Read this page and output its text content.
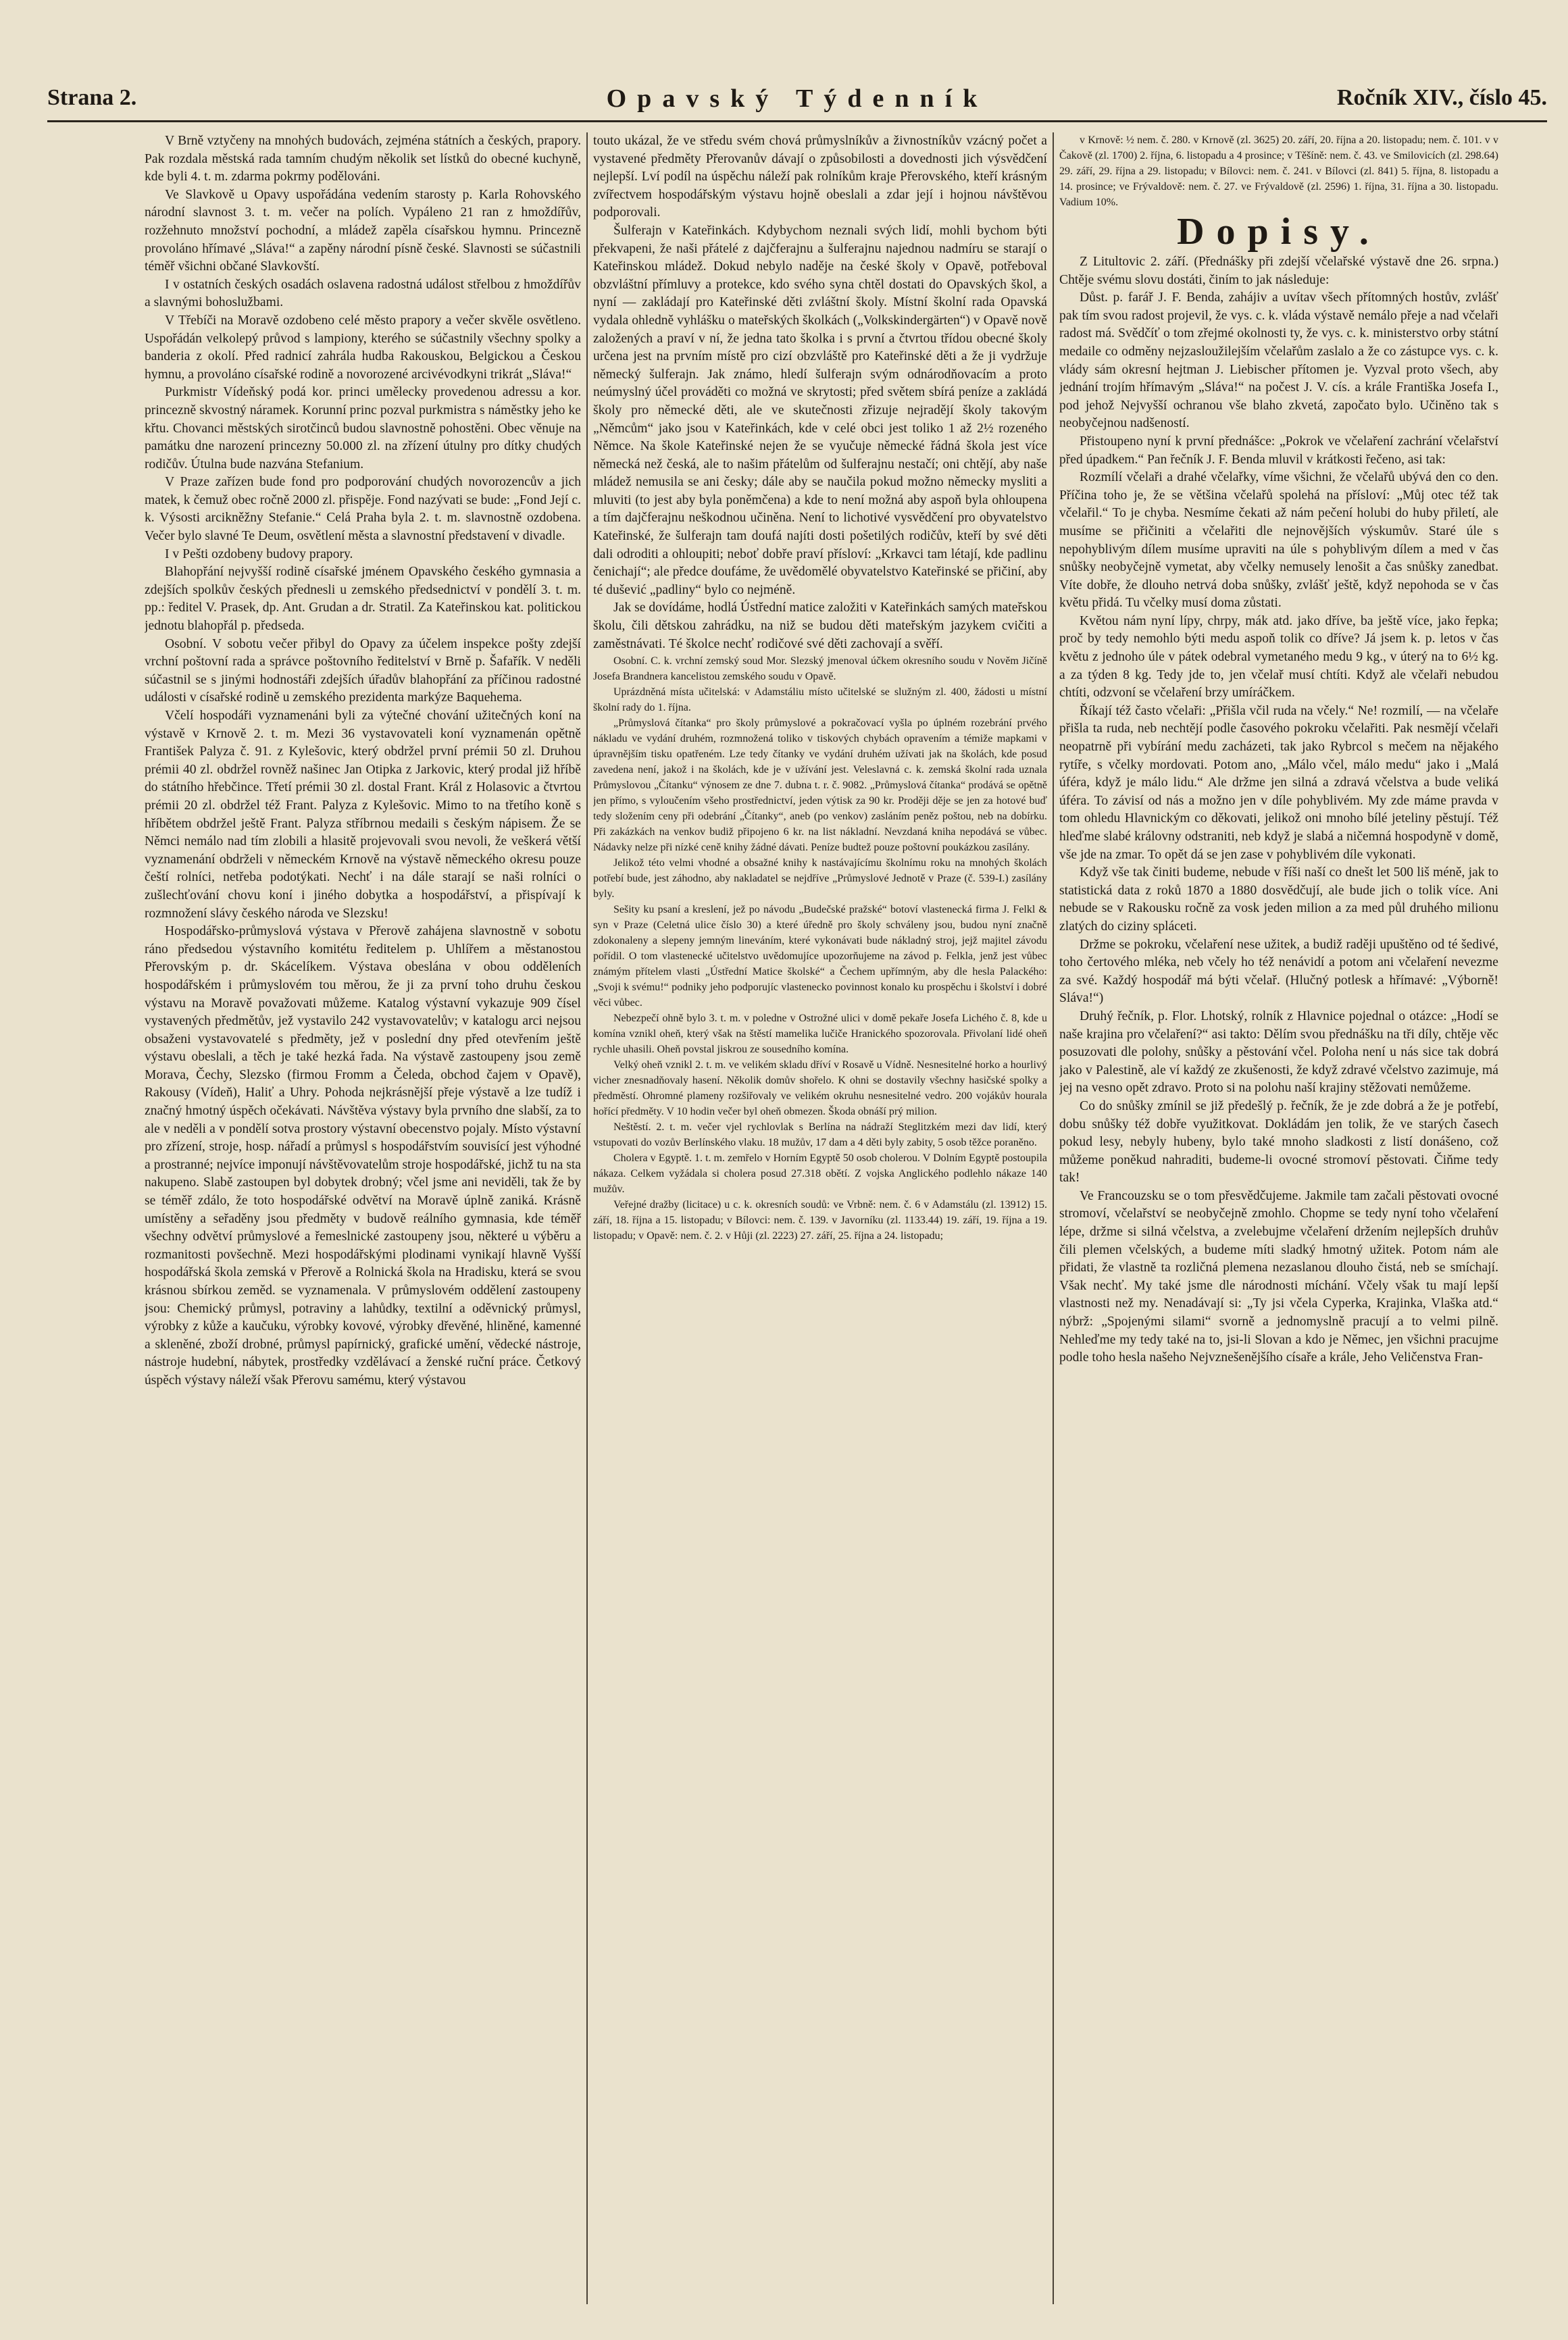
Strana 2.	Opavský Týdenník	Ročník XIV., číslo 45.

V Brně vztyčeny na mnohých budovách, zejména státních a českých, prapory. Pak rozdala městská rada tamním chudým několik set lístků do obecné kuchyně, kde byli 4. t. m. zdarma pokrmy podělováni.

Ve Slavkově u Opavy uspořádána vedením starosty p. Karla Rohovského národní slavnost 3. t. m. večer na polích. Vypáleno 21 ran z hmoždířův, rozžehnuto množství pochodní, a mládež zapěla císařskou hymnu. Princezně provoláno hřímavé „Sláva!“ a zapěny národní písně české. Slavnosti se súčastnili téměř všichni občané Slavkovští.

I v ostatních českých osadách oslavena radostná událost střelbou z hmoždířův a slavnými bohoslužbami.

V Třebíči na Moravě ozdobeno celé město prapory a večer skvěle osvětleno. Uspořádán velkolepý průvod s lampiony, kterého se súčastnily všechny spolky a banderia z okolí. Před radnicí zahrála hudba Rakouskou, Belgickou a Českou hymnu, a provoláno císařské rodině a novorozené arcivévodkyni trikrát „Sláva!“

Purkmistr Vídeňský podá kor. princi umělecky provedenou adressu a kor. princezně skvostný náramek. Korunní princ pozval purkmistra s náměstky jeho ke křtu. Chovanci městských sirotčinců budou slavnostně pohostěni. Obec věnuje na památku dne narození princezny 50.000 zl. na zřízení útulny pro dítky chudých rodičův. Útulna bude nazvána Stefanium.

V Praze zařízen bude fond pro podporování chudých novorozencův a jich matek, k čemuž obec ročně 2000 zl. přispěje. Fond nazývati se bude: „Fond Její c. k. Výsosti arcikněžny Stefanie.“ Celá Praha byla 2. t. m. slavnostně ozdobena. Večer bylo slavné Te Deum, osvětlení města a slavnostní představení v divadle.

I v Pešti ozdobeny budovy prapory.

Blahopřání nejvyšší rodině císařské jménem Opavského českého gymnasia a zdejších spolkův českých přednesli u zemského předsednictví v pondělí 3. t. m. pp.: ředitel V. Prasek, dp. Ant. Grudan a dr. Stratil. Za Kateřinskou kat. politickou jednotu blahopřál p. předseda.

Osobní. V sobotu večer přibyl do Opavy za účelem inspekce pošty zdejší vrchní poštovní rada a správce poštovního ředitelství v Brně p. Šafařík. V neděli súčastnil se s jinými hodnostáři zdejších úřadův blahopřání za příčinou radostné události v císařské rodině u zemského prezidenta markýze Baquehema.

Včelí hospodáři vyznamenáni byli za výtečné chování užitečných koní na výstavě v Krnově 2. t. m. Mezi 36 vystavovateli koní vyznamenán opětně František Palyza č. 91. z Kylešovic, který obdržel první prémii 50 zl. Druhou prémii 40 zl. obdržel rovněž našinec Jan Otipka z Jarkovic, který prodal již hříbě do státního hřebčince. Třetí prémii 30 zl. dostal Frant. Král z Holasovic a čtvrtou prémii 20 zl. obdržel též Frant. Palyza z Kylešovic. Mimo to na třetího koně s hříbětem obdržel ještě Frant. Palyza stříbrnou medaili s českým nápisem. Že se Němci nemálo nad tím zlobili a hlasitě projevovali svou nevoli, že veškerá větší vyznamenání obdrželi v německém Krnově na výstavě německého okresu pouze čeští rolníci, netřeba podotýkati. Nechť i na dále starají se naši rolníci o zušlechťování chovu koní i jiného dobytka a hospodářství, a přispívají k rozmnožení slávy českého národa ve Slezsku!

Hospodářsko-průmyslová výstava v Přerově zahájena slavnostně v sobotu ráno předsedou výstavního komitétu ředitelem p. Uhlířem a městanostou Přerovským p. dr. Skácelíkem. Výstava obeslána v obou odděleních hospodářském i průmyslovém tou měrou, že ji za první toho druhu českou výstavu na Moravě považovati můžeme. Katalog výstavní vykazuje 909 čísel vystavených předmětův, jež vystavilo 242 vystavovatelův; v katalogu arci nejsou obsaženi vystavovatelé s předměty, jež v poslední dny před otevřením ještě výstavu obeslali, a těch je také hezká řada. Na výstavě zastoupeny jsou země Morava, Čechy, Slezsko (firmou Fromm a Čeleda, obchod čajem v Opavě), Rakousy (Vídeň), Haliť a Uhry. Pohoda nejkrásnější přeje výstavě a lze tudíž i značný hmotný úspěch očekávati. Návštěva výstavy byla prvního dne slabší, za to ale v neděli a v pondělí sotva prostory výstavní obecenstvo pojaly. Místo výstavní pro zřízení, stroje, hosp. nářadí a průmysl s hospodářstvím souvisící jest výhodné a prostranné; nejvíce imponují návštěvovatelům stroje hospodářské, jichž tu na sta nakupeno. Slabě zastoupen byl dobytek drobný; včel jsme ani neviděli, tak že by se téměř zdálo, že toto hospodářské odvětví na Moravě úplně zaniká. Krásně umístěny a seřaděny jsou předměty v budově reálního gymnasia, kde téměř všechny odvětví průmyslové a řemeslnické zastoupeny jsou, některé u výběru a rozmanitosti povšechně. Mezi hospodářskými plodinami vynikají hlavně Vyšší hospodářská škola zemská v Přerově a Rolnická škola na Hradisku, která se svou krásnou sbírkou zeměd. se vyznamenala. V průmyslovém oddělení zastoupeny jsou: Chemický průmysl, potraviny a lahůdky, textilní a oděvnický průmysl, výrobky z kůže a kaučuku, výrobky kovové, výrobky dřevěné, hliněné, kamenné a skleněné, zboží drobné, průmysl papírnický, grafické umění, vědecké nástroje, nástroje hudební, nábytek, prostředky vzdělávací a ženské ruční práce. Četkový úspěch výstavy náleží však Přerovu samému, který výstavou

touto ukázal, že ve středu svém chová průmyslníkův a živnostníkův vzácný počet a vystavené předměty Přerovanův dávají o způsobilosti a dovednosti jich výsvědčení nejlepší. Lví podíl na úspěchu náleží pak rolníkům kraje Přerovského, kteří krásným zvířectvem hospodářským výstavu hojně obeslali a zdar její i hojnou návštěvou podporovali.

Šulferajn v Kateřinkách. Kdybychom neznali svých lidí, mohli bychom býti překvapeni, že naši přátelé z dajčferajnu a šulferajnu najednou nadmíru se starají o Kateřinskou mládež. Dokud nebylo naděje na české školy v Opavě, potřeboval obzvláštní přímluvy a protekce, kdo svého syna chtěl dostati do Opavských škol, a nyní — zakládají pro Kateřinské děti zvláštní školy. Místní školní rada Opavská vydala ohledně vyhlášku o mateřských školkách („Volkskindergärten“) v Opavě nově založených a praví v ní, že jedna tato školka i s první a čtvrtou třídou obecné školy určena jest na prvním místě pro cizí obzvláště pro Kateřinské děti a že ji vydržuje německý šulferajn. Jak známo, hledí šulferajn svým odnárodňovacím a proto neúmyslný účel prováděti co možná ve skrytosti; před světem sbírá peníze a zakládá školy pro německé děti, ale ve skutečnosti zřizuje nejradějí školy takovým „Němcům“ jako jsou v Kateřinkách, kde v celé obci jest toliko 1 až 2½ rozeného Němce. Na škole Kateřinské nejen že se vyučuje německé řádná škola jest více německá než česká, ale to našim přátelům od šulferajnu nestačí; oni chtějí, aby naše mládež nemusila se ani česky; dále aby se naučila pokud možno německy mysliti a mluviti (to jest aby byla poněmčena) a kde to není možná aby aspoň byla ohloupena a tím dajčferajnu neškodnou učiněna. Není to lichotivé vysvědčení pro obyvatelstvo Kateřinské, že šulferajn tam doufá najíti dosti pošetilých rodičův, kteří by své děti dali odroditi a ohloupiti; neboť dobře praví přísloví: „Krkavci tam létají, kde padlinu čenichají“; ale předce doufáme, že uvědomělé obyvatelstvo Kateřinské se přičiní, aby té dušević „padliny“ bylo co nejméně.

Jak se dovídáme, hodlá Ústřední matice založiti v Kateřinkách samých mateřskou školu, čili dětskou zahrádku, na niž se budou děti mateřským jazykem cvičiti a zaměstnávati. Té školce nechť rodičové své děti zachovají a svěří.

Osobní. C. k. vrchní zemský soud Mor. Slezský jmenoval účkem okresního soudu v Nověm Jičíně Josefa Brandnera kancelistou zemského soudu v Opavě.

Uprázdněná místa učitelská: v Adamstáliu místo učitelské se služným zl. 400, žádosti u místní školní rady do 1. října.

„Průmyslová čítanka“ pro školy průmyslové a pokračovací vyšla po úplném rozebrání prvého nákladu ve vydání druhém, rozmnožená toliko v tiskových chybách opravením a témiže mapkami v úpravnějším tisku opatřeném. Lze tedy čítanky ve vydání druhém užívati jak na školách, kde posud zavedena není, jakož i na školách, kde je v užívání jest. Veleslavná c. k. zemská školní rada uznala Průmyslovou „Čítanku“ výnosem ze dne 7. dubna t. r. č. 9082. „Průmyslová čítanka“ prodává se opětně jen přímo, s vyloučením všeho prostřednictví, jeden výtisk za 90 kr. Proději děje se jen za hotové buď tedy složením ceny při odebrání „Čítanky“, aneb (po venkov) zasláním peněz poštou, neb na dobírku. Při zakázkách na venkov budiž připojeno 6 kr. na list nákladní. Nevzdaná kniha nepodává se vůbec. Nádavky nelze při nízké ceně knihy žádné dávati. Peníze budtež pouze poštovní poukázkou zasílány.

Jelikož této velmi vhodné a obsažné knihy k nastávajícímu školnímu roku na mnohých školách potřebí bude, jest záhodno, aby nakladatel se nejdříve „Průmyslové Jednotě v Praze (č. 539-I.) zasílány byly.

Sešity ku psaní a kreslení, jež po návodu „Budečské pražské“ botoví vlastenecká firma J. Felkl & syn v Praze (Celetná ulice číslo 30) a které úředně pro školy schváleny jsou, budou nyní značně zdokonaleny a slepeny jemným lineváním, které vykonávati bude nákladný stroj, jejž majitel závodu pořídil. O tom vlastenecké učitelstvo uvědomujíce upozorňujeme na závod p. Felkla, jenž jest vůbec známým přítelem vlasti „Ústřední Matice školské“ a Čechem upřímným, aby dle hesla Palackého: „Svoji k svému!“ podniky jeho podporujíc vlastenecko povinnost konalo ku prospěchu i školství i dobré věci vůbec.

Nebezpečí ohně bylo 3. t. m. v poledne v Ostrožné ulici v domě pekaře Josefa Lichého č. 8, kde u komína vznikl oheň, který však na štěstí mamelika lučiče Hranického spozorovala. Přivolaní lidé oheň rychle uhasili. Oheň povstal jiskrou ze sousedního komína.

Velký oheň vznikl 2. t. m. ve velikém skladu dříví v Rosavě u Vídně. Nesnesitelné horko a hourlivý vicher znesnadňovaly hasení. Několik domův shořelo. K ohni se dostavily všechny hasičské spolky a předměstí. Ohromné plameny rozšiřovaly ve velikém okruhu nesnesitelné vedro. 200 vojákův hourala hořící předměty. V 10 hodin večer byl oheň obmezen. Škoda obnáší prý milion.

Neštěstí. 2. t. m. večer vjel rychlovlak s Berlína na nádraží Steglitzkém mezi dav lidí, který vstupovati do vozův Berlínského vlaku. 18 mužův, 17 dam a 4 děti byly zabity, 5 osob těžce poraněno.

Cholera v Egyptě. 1. t. m. zemřelo v Horním Egyptě 50 osob cholerou. V Dolním Egyptě postoupila nákaza. Celkem vyžádala si cholera posud 27.318 obětí. Z vojska Anglického podlehlo nákaze 140 mužův.

Veřejné dražby (licitace) u c. k. okresních soudů: ve Vrbně: nem. č. 6 v Adamstálu (zl. 13912) 15. září, 18. října a 15. listopadu; v Bílovci: nem. č. 139. v Javorníku (zl. 1133.44) 19. září, 19. října a 19. listopadu; v Opavě: nem. č. 2. v Hůji (zl. 2223) 27. září, 25. října a 24. listopadu;

v Krnově: ½ nem. č. 280. v Krnově (zl. 3625) 20. září, 20. října a 20. listopadu; nem. č. 101. v v Čakově (zl. 1700) 2. října, 6. listopadu a 4 prosince; v Těšíně: nem. č. 43. ve Smilovicích (zl. 298.64) 29. září, 29. října a 29. listopadu; v Bílovci: nem. č. 241. v Bílovci (zl. 841) 5. října, 8. listopadu a 14. prosince; ve Frývaldově: nem. č. 27. ve Frývaldově (zl. 2596) 1. října, 31. října a 30. listopadu. Vadium 10%.

Dopisy.

Z Litultovic 2. září. (Přednášky při zdejší včelařské výstavě dne 26. srpna.) Chtěje svému slovu dostáti, činím to jak následuje:

Důst. p. farář J. F. Benda, zahájiv a uvítav všech přítomných hostův, zvlášť pak tím svou radost projevil, že vys. c. k. vláda výstavě nemálo přeje a nad včelaři radost má. Svědčíť o tom zřejmé okolnosti ty, že vys. c. k. ministerstvo orby státní medaile co odměny nejzasloužilejším včelařům zaslalo a že co zástupce vys. c. k. vlády sám okresní hejtman J. Liebischer přítomen je. Vyzval proto všech, aby jednání trojím hřímavým „Sláva!“ na počest J. V. cís. a krále Františka Josefa I., pod jehož Nejvyšší ochranou vše blaho zkvetá, započato bylo. Učiněno tak s neobyčejnou nadšeností.

Přistoupeno nyní k první přednášce: „Pokrok ve včelaření zachrání včelařství před úpadkem.“ Pan řečník J. F. Benda mluvil v krátkosti řečeno, asi tak:

Rozmílí včelaři a drahé včelařky, víme všichni, že včelařů ubývá den co den. Příčina toho je, že se většina včelařů spolehá na přísloví: „Můj otec též tak včelařil.“ To je chyba. Nesmíme čekati až nám pečení holubi do huby přiletí, ale musíme se přičiniti a včelařiti dle nejnovějších výskumův. Staré úle s nepohyblivým dílem musíme upraviti na úle s pohyblivým dílem a med v čas snůšky neobyčejně vymetat, aby včelky nemusely lenošit a čas snůšky zanedbat. Víte dobře, že dlouho netrvá doba snůšky, zvlášť ještě, když nepohoda se v čas květu přidá. Tu včelky musí doma zůstati.

Květou nám nyní lípy, chrpy, mák atd. jako dříve, ba ještě více, jako řepka; proč by tedy nemohlo býti medu aspoň tolik co dříve? Já jsem k. p. letos v čas květu z jednoho úle v pátek odebral vymetaného medu 9 kg., v úterý na to 6½ kg. a za týden 8 kg. Tedy jde to, jen včelař musí chtíti. Když ale včelaři nebudou chtíti, odzvoní se včelaření brzy umíráčkem.

Říkají též často včelaři: „Přišla včil ruda na včely.“ Ne! rozmilí, — na včelaře přišla ta ruda, neb nechtějí podle časového pokroku včelařiti. Pak nesmějí včelaři neopatrně při vybírání medu zacházeti, tak jako Rybrcol s mečem na nějakého rytíře, s včelky mordovati. Potom ano, „Málo včel, málo medu“ jako i „Malá úféra, když je málo lidu.“ Ale držme jen silná a zdravá včelstva a bude veliká úféra. To závisí od nás a možno jen v díle pohyblivém. My zde máme pravda v tom ohledu Hlavnickým co děkovati, jelikož oni mnoho bílé jeteliny pěstují. Též hleďme slabé královny odstraniti, neb když je slabá a ničemná hospodyně v domě, vše jde na zmar. To opět dá se jen zase v pohyblivém díle vykonati.

Když vše tak činiti budeme, nebude v říši naší co dnešt let 500 liš méně, jak to statistická data z roků 1870 a 1880 dosvědčují, ale bude jich o tolik více. Ani nebude se v Rakousku ročně za vosk jeden milion a za med půl druhého milionu zlatých do ciziny spláceti.

Držme se pokroku, včelaření nese užitek, a budiž raději upuštěno od té šedivé, toho čertového mléka, neb včely ho též nenávidí a potom ani včelaření nevezme za své. Každý hospodář má býti včelař. (Hlučný potlesk a hřímavé: „Výborně! Sláva!“)

Druhý řečník, p. Flor. Lhotský, rolník z Hlavnice pojednal o otázce: „Hodí se naše krajina pro včelaření?“ asi takto: Dělím svou přednášku na tři díly, chtěje věc posuzovati dle polohy, snůšky a pěstování včel. Poloha není u nás sice tak dobrá jako v Palestině, ale ví každý ze zkušenosti, že když zdravé včelstvo zazimuje, má jej na vesno opět zdravo. Proto si na polohu naší krajiny stěžovati nemůžeme.

Co do snůšky zmínil se již předešlý p. řečník, že je zde dobrá a že je potřebí, dobu snůšky též dobře využitkovat. Dokládám jen tolik, že ve starých časech pokud lesy, nebyly hubeny, bylo také mnoho sladkosti z listí donášeno, což můžeme poněkud nahraditi, budeme-li ovocné stromoví pěstovati. Čiňme tedy tak!

Ve Francouzsku se o tom přesvědčujeme. Jakmile tam začali pěstovati ovocné stromoví, včelařství se neobyčejně zmohlo. Chopme se tedy nyní toho včelaření lépe, držme si silná včelstva, a zvelebujme včelaření držením nejlepších druhův čili plemen včelských, a budeme míti sladký hmotný užitek. Potom nám ale přidati, že vlastně ta rozličná plemena nezaslanou dlouho čistá, neb se smíchají. Však nechť. My také jsme dle národnosti míchání. Včely však tu mají lepší vlastnosti než my. Nenadávají si: „Ty jsi včela Cyperka, Krajinka, Vlaška atd.“ nýbrž: „Spojenými silami“ svorně a jednomyslně pracují a to velmi pilně. Nehleďme my tedy také na to, jsi-li Slovan a kdo je Němec, jen všichni pracujme podle toho hesla našeho Nejvznešenějšího císaře a krále, Jeho Veličenstva Fran-
